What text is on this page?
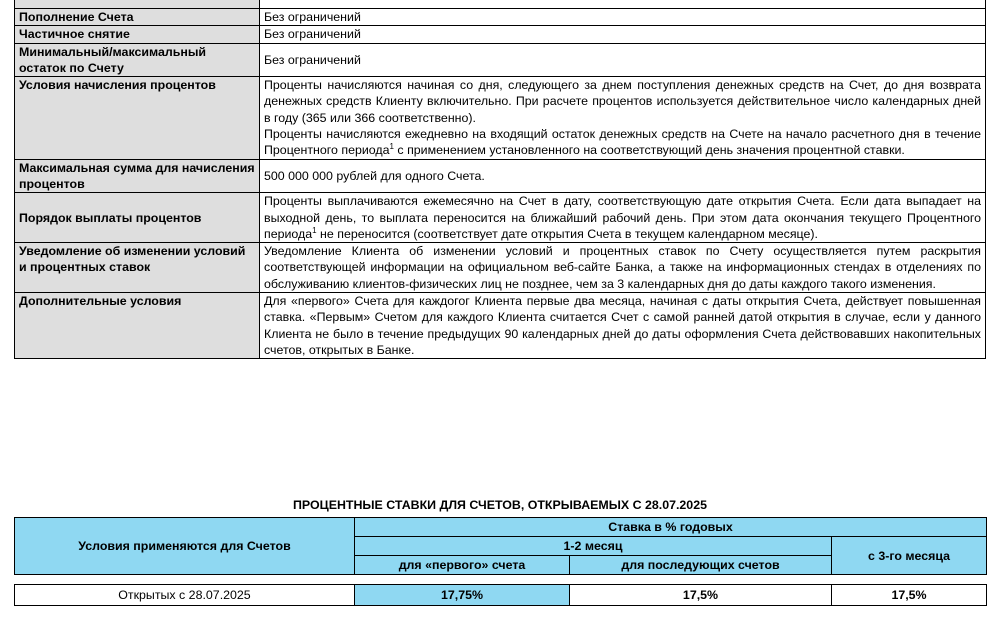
Пополнение Счета	Без ограничений
Частичное снятие	Без ограничений
Минимальный/максимальный остаток по Счету	Без ограничений
Условия начисления процентов	Проценты начисляются начиная со дня, следующего за днем поступления денежных средств на Счет, до дня возврата денежных средств Клиенту включительно. При расчете процентов используется действительное число календарных дней в году (365 или 366 соответственно).
Проценты начисляются ежедневно на входящий остаток денежных средств на Счете на начало расчетного дня в течение Процентного периода$^1$ с применением установленного на соответствующий день значения процентной ставки.

Максимальная сумма для начисления процентов	500 000 000 рублей для одного Счета.
Порядок выплаты процентов	Проценты выплачиваются ежемесячно на Счет в дату, соответствующую дате открытия Счета. Если дата выпадает на выходной день, то выплата переносится на ближайший рабочий день. При этом дата окончания текущего Процентного периода$^1$ не переносится (соответствует дате открытия Счета в текущем календарном месяце).
Уведомление об изменении условий и процентных ставок	Уведомление Клиента об изменении условий и процентных ставок по Счету осуществляется путем раскрытия соответствующей информации на официальном веб-сайте Банка, а также на информационных стендах в отделениях по обслуживанию клиентов-физических лиц не позднее, чем за 3 календарных дня до даты каждого такого изменения.
Дополнительные условия	Для «первого» Счета для каждогог Клиента первые два месяца, начиная с даты открытия Счета, действует повышенная ставка. «Первым» Счетом для каждого Клиента считается Счет с самой ранней датой открытия в случае, если у данного Клиента не было в течение предыдущих 90 календарных дней до даты оформления Счета действовавших накопительных счетов, открытых в Банке.
ПРОЦЕНТНЫЕ СТАВКИ ДЛЯ СЧЕТОВ, ОТКРЫВАЕМЫХ С 28.07.2025
Условия применяются для Счетов	Ставка в % годовых		
	1-2 месяц		с 3-го месяца
	для «первого» счета	для последующих счетов	

Открытых с 28.07.2025	17,75%	17,5%	17,5%
